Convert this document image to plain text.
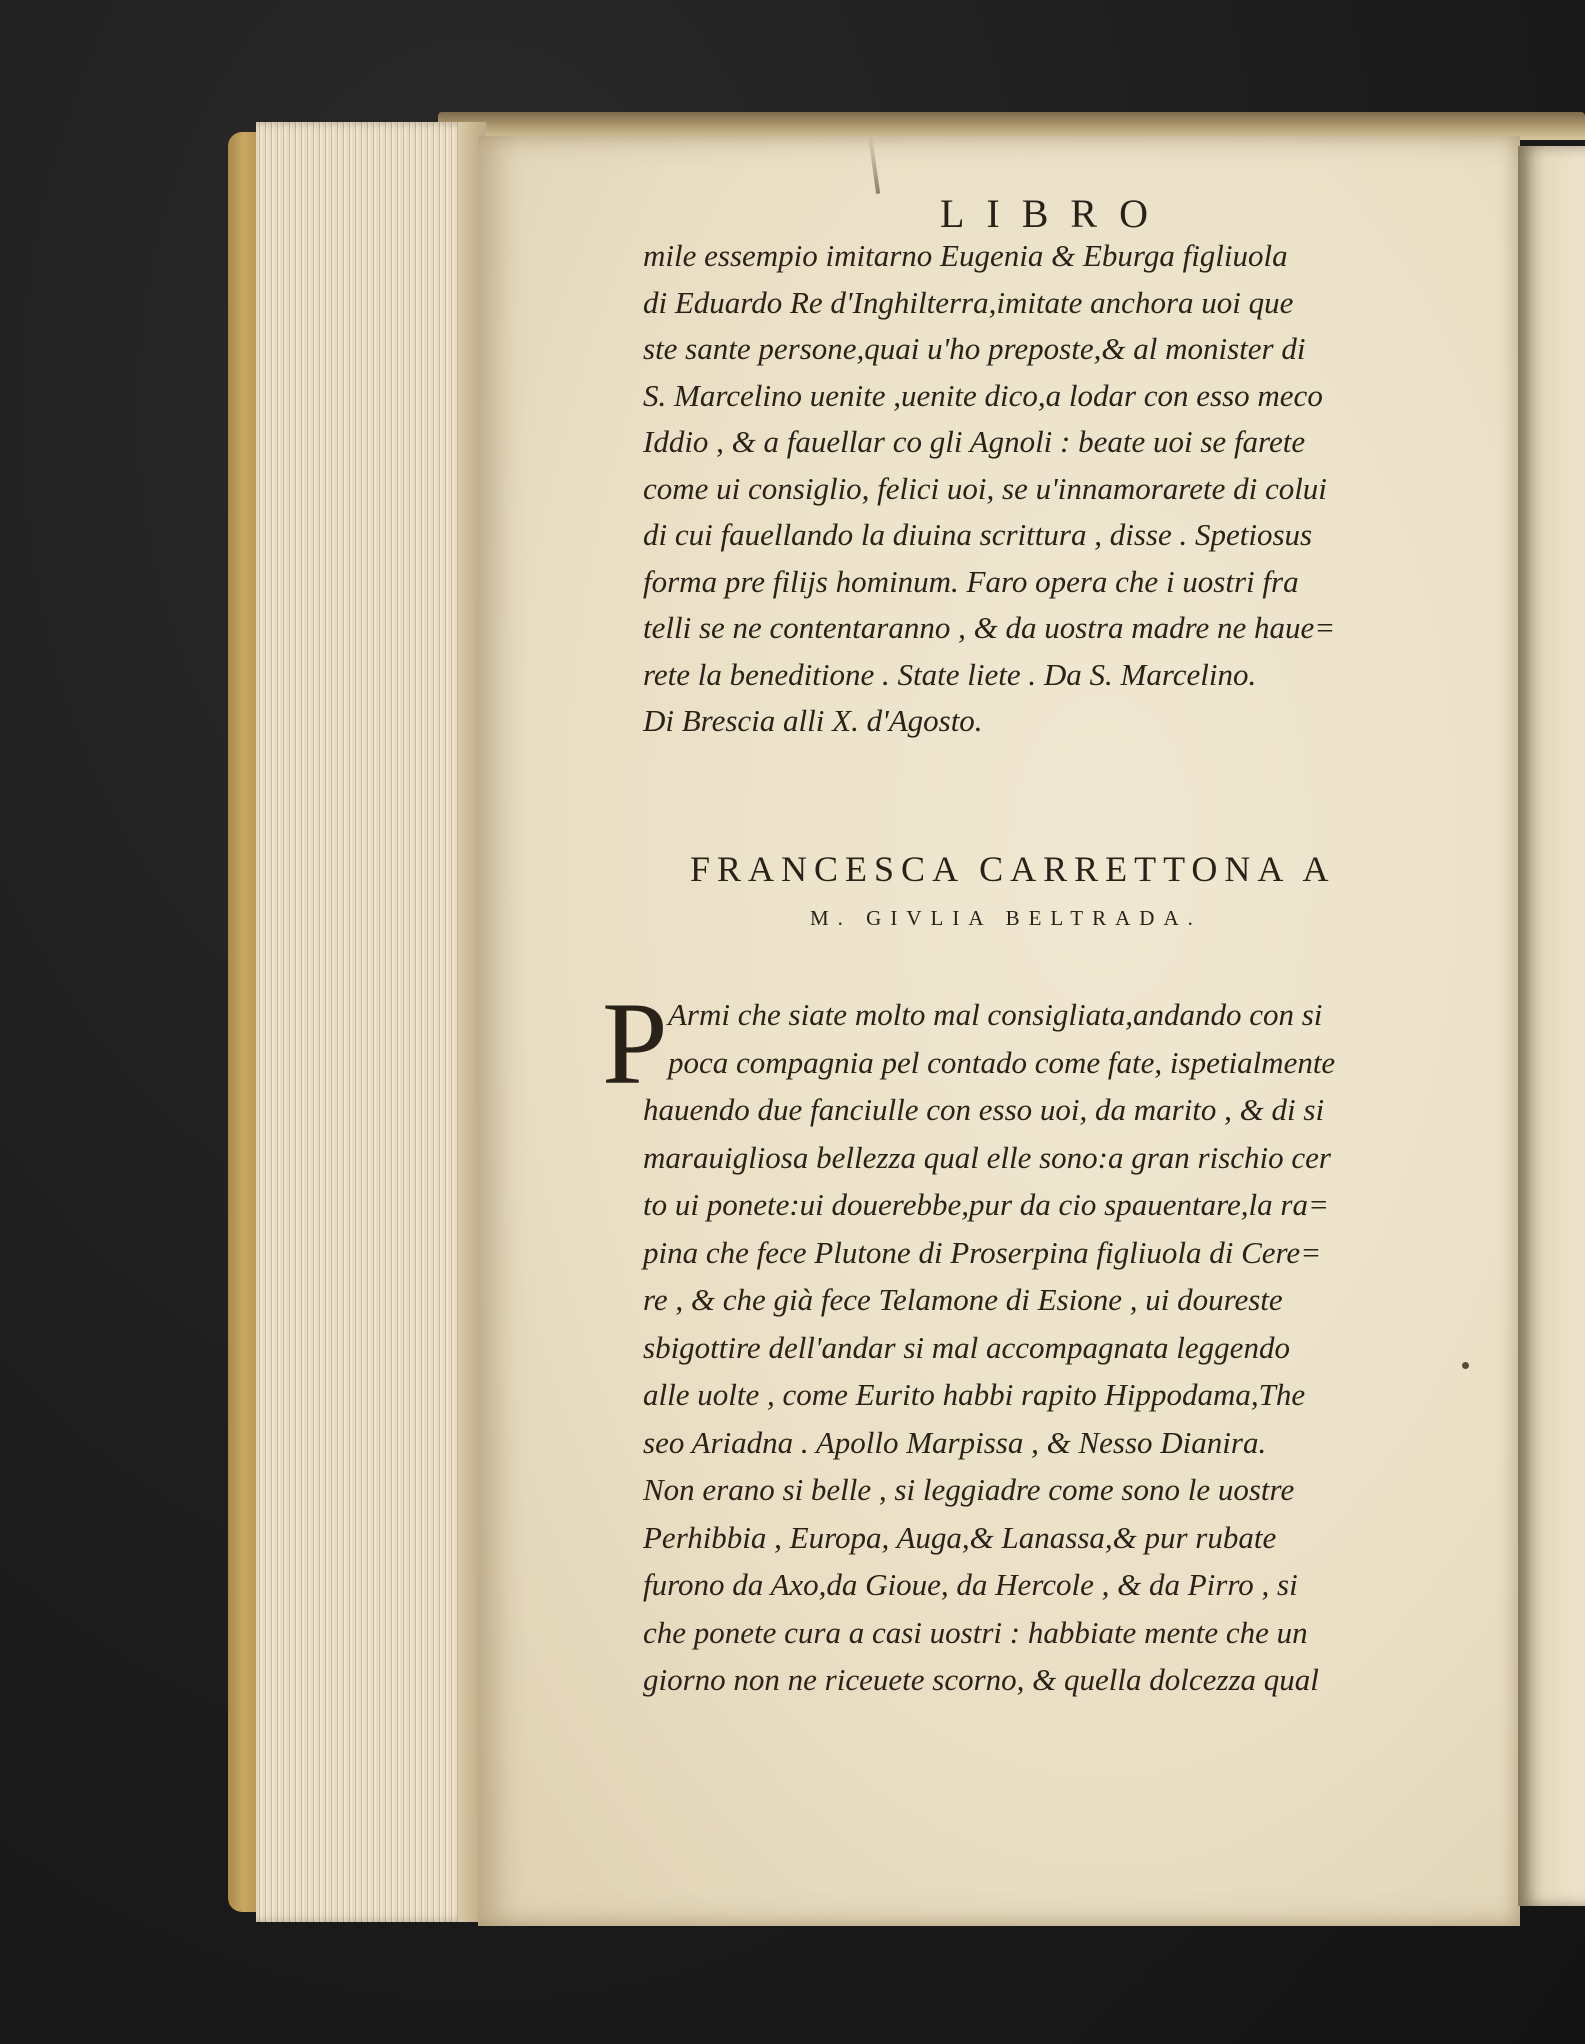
LIBRO
mile essempio imitarno Eugenia & Eburga figliuola
di Eduardo Re d'Inghilterra,imitate anchora uoi que
ste sante persone,quai u'ho prepostе,& al monister di
S. Marcelino uenite ,uenite dico,a lodar con esso meco
Iddio , & a fauellar co gli Agnoli : beate uoi se farete
come ui consiglio, felici uoi, se u'innamorarete di colui
di cui fauellando la diuina scrittura , disse . Spetiosus
forma pre filijs hominum. Faro opera che i uostri fra
telli se ne contentaranno , & da uostra madre ne haue=
rete la beneditione . State liete . Da S. Marcelino.
Di Brescia alli X. d'Agosto.
FRANCESCA CARRETTONA A
M. GIVLIA BELTRADA.
P Armi che siate molto mal consigliata,andando con si
poca compagnia pel contado come fate, ispetialmente
hauendo due fanciulle con esso uoi, da marito , & di si
marauigliosa bellezza qual elle sono:a gran rischio cer
to ui ponete:ui douerebbe,pur da cio spauentare,la ra=
pina che fece Plutone di Proserpina figliuola di Cere=
re , & che già fece Telamone di Esione , ui doureste
sbigottire dell'andar si mal accompagnata leggendo
alle uolte , come Eurito habbi rapito Hippodama,The
seo Ariadna . Apollo Marpissa , & Nesso Dianira.
Non erano si belle , si leggiadre come sono le uostre
Perhibbia , Europa, Auga,& Lanassa,& pur rubate
furono da Axo,da Gioue, da Hercole , & da Pirro , si
che ponete cura a casi uostri : habbiate mente che un
giorno non ne riceuete scorno, & quella dolcezza qual
